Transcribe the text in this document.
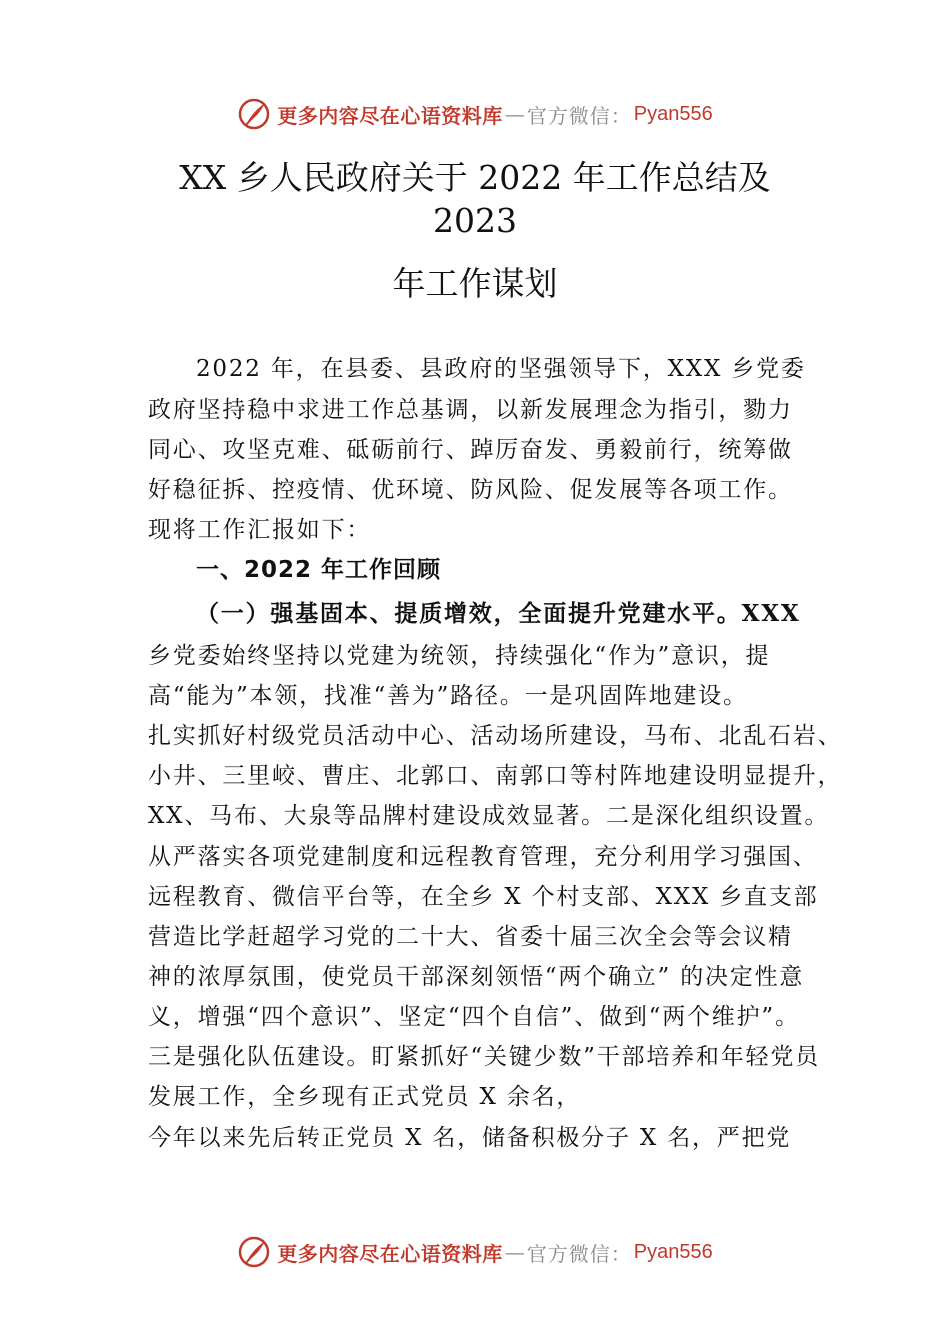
更多内容尽在心语资料库 — 官方微信： Pyan556
XX 乡人民政府关于 2022 年工作总结及
2023
年工作谋划
2022 年，在县委、县政府的坚强领导下，XXX 乡党委
政府坚持稳中求进工作总基调，以新发展理念为指引，勠力
同心、攻坚克难、砥砺前行、踔厉奋发、勇毅前行，统筹做
好稳征拆、控疫情、优环境、防风险、促发展等各项工作。
现将工作汇报如下：
一、2022 年工作回顾
（一）强基固本、提质增效，全面提升党建水平。XXX
乡党委始终坚持以党建为统领，持续强化“作为”意识，提
高“能为”本领，找准“善为”路径。一是巩固阵地建设。
扎实抓好村级党员活动中心、活动场所建设，马布、北乱石岩、
小井、三里峧、曹庄、北郭口、南郭口等村阵地建设明显提升，
XX、马布、大泉等品牌村建设成效显著。二是深化组织设置。
从严落实各项党建制度和远程教育管理，充分利用学习强国、
远程教育、微信平台等，在全乡 X 个村支部、XXX 乡直支部
营造比学赶超学习党的二十大、省委十届三次全会等会议精
神的浓厚氛围，使党员干部深刻领悟“两个确立” 的决定性意
义，增强“四个意识”、坚定“四个自信”、做到“两个维护”。
三是强化队伍建设。盯紧抓好“关键少数”干部培养和年轻党员
发展工作，全乡现有正式党员 X 余名，
今年以来先后转正党员 X 名，储备积极分子 X 名，严把党
更多内容尽在心语资料库 — 官方微信： Pyan556
